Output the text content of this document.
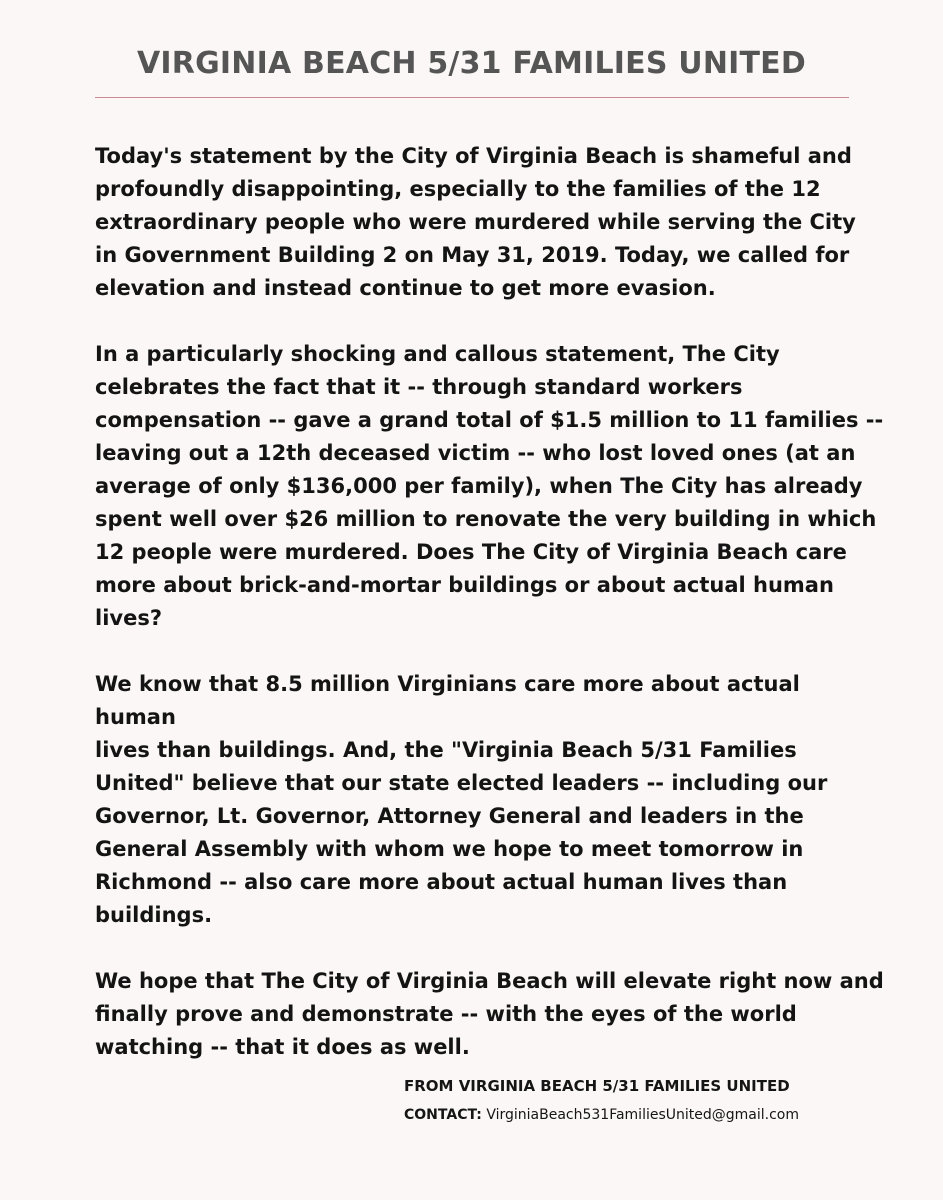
VIRGINIA BEACH 5/31 FAMILIES UNITED

Today's statement by the City of Virginia Beach is shameful and
profoundly disappointing, especially to the families of the 12
extraordinary people who were murdered while serving the City
in Government Building 2 on May 31, 2019. Today, we called for
elevation and instead continue to get more evasion.

In a particularly shocking and callous statement, The City
celebrates the fact that it -- through standard workers
compensation -- gave a grand total of $1.5 million to 11 families --
leaving out a 12th deceased victim -- who lost loved ones (at an
average of only $136,000 per family), when The City has already
spent well over $26 million to renovate the very building in which
12 people were murdered. Does The City of Virginia Beach care
more about brick-and-mortar buildings or about actual human
lives?

We know that 8.5 million Virginians care more about actual human
lives than buildings. And, the "Virginia Beach 5/31 Families
United" believe that our state elected leaders -- including our
Governor, Lt. Governor, Attorney General and leaders in the
General Assembly with whom we hope to meet tomorrow in
Richmond -- also care more about actual human lives than
buildings.

We hope that The City of Virginia Beach will elevate right now and
finally prove and demonstrate -- with the eyes of the world
watching -- that it does as well.

FROM VIRGINIA BEACH 5/31 FAMILIES UNITED
CONTACT: VirginiaBeach531FamiliesUnited@gmail.com
